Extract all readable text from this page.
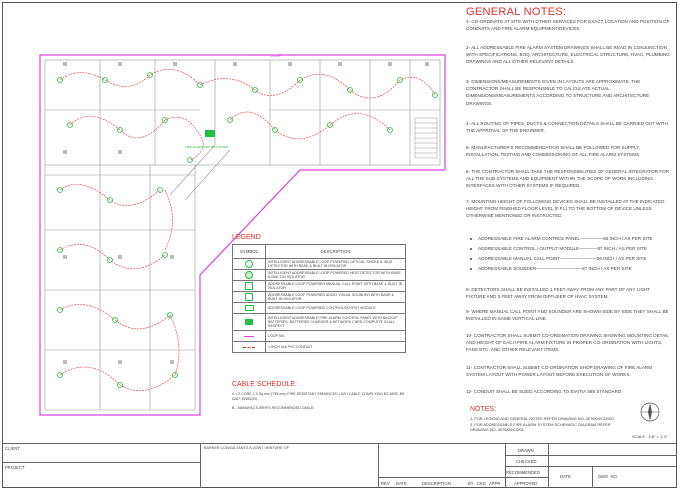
FIRE ALARM CONTROL PANEL
LOOP
GENERAL NOTES:
1- CO-ORDINATE AT SITE WITH OTHER SERVICES FOR EXACT LOCATION AND POSITION OF CONDUITS AND FIRE ALARM EQUIPMENT/DEVICES.
2- ALL ADDRESSABLE FIRE ALARM SYSTEM DRAWINGS SHALL BE READ IN CONJUNCTION WITH SPECIFICATIONS, BOQ, ARCHITECTURE, ELECTRICAL STRUCTURE, HVAC, PLUMBING DRAWINGS AND ALL OTHER RELEVANT DETAILS.
3- DIMENSIONS/MEASUREMENTS GIVEN IN LAYOUTS ARE APPROXIMATE. THE CONTRACTOR SHALL BE RESPONSIBLE TO CALCULATE ACTUAL DIMENSIONS/MEASUREMENTS ACCORDING TO STRUCTURE AND ARCHITECTURE DRAWINGS.
4- ALL ROUTING OF PIPES, DUCTS & CONNECTION DETAILS SHALL BE CARRIED OUT WITH THE APPROVAL OF THE ENGINEER.
5- MANUFACTURER'S RECOMMENDATION SHALL BE FOLLOWED FOR SUPPLY, INSTALLATION, TESTING AND COMMISSIONING OF ALL FIRE ALARM SYSTEMS.
6- THE CONTRACTOR SHALL TAKE THE RESPONSIBILITIES OF GENERAL INTEGRATOR FOR ALL THE SUB-SYSTEMS AND EQUIPMENT WITHIN THE SCOPE OF WORK INCLUDING INTERFACES WITH OTHER SYSTEMS IF REQUIRED.
7- MOUNTING HEIGHT OF FOLLOWING DEVICES SHALL BE INSTALLED AT THE INDICATED HEIGHT FROM FINISHED FLOOR LEVEL (F.F.L) TO THE BOTTOM OF DEVICE UNLESS OTHERWISE MENTIONED OR INSTRUCTED
ADDRESSABLE FIRE ALARM CONTROL PANEL—————56 INCH / AS PER SITE
ADDRESSABLE CONTROL / OUTPUT MODULE————87 INCH / AS PER SITE
ADDRESSABLE MANUAL CALL POINT————————56 INCH / AS PER SITE
ADDRESSABLE SOUNDER——————————87 INCH / AS PER SITE
8- DETECTORS SHALL BE INSTALLED 1 FEET AWAY FROM ANY PART OF ANY LIGHT FIXTURE AND 3 FEET AWAY FROM DIFFUSER OF HVAC SYSTEM.
9- WHERE MANUAL CALL POINT AND SOUNDER ARE SHOWN SIDE BY SIDE THEY SHALL BE INSTALLED IN SAME VERTICAL LINE.
10- CONTRACTOR SHALL SUBMIT CO-ORDINATION DRAWING SHOWING MOUNTING DETAIL AND HEIGHT OF EACH FIRE ALARM FIXTURE IN PROPER CO-ORDINATION WITH LIGHTS, FANS ETC. AND OTHER RELEVANT ITEMS.
11- CONTRACTOR SHALL SUBMIT CO-ORDINATION SHOP DRAWING OF FIRE ALARM SYSTEM LAYOUT WITH POWER LAYOUT BEFORE EXECUTION OF WORKS.
12- CONDUIT SHALL BE SIZED ACCORDING TO EIA/TIA 568 STANDARD.
NOTES:
1. FOR LEGEND AND GENERAL NOTES REFER DRAWING NO. 4076/04/CD/001
2. FOR ADDRESSABLE FIRE ALARM SYSTEM SCHEMATIC DIAGRAM REFER DRAWING NO. 4076/04/CD/01.
SCALE : 1/8" = 1'-0"
LEGEND
SYMBOL	DESCRIPTION
	INTELLIGENT ADDRESSABLE LOOP POWERED OPTICAL SMOKE & HEAT DETECTOR WITH BASE & BUILT-IN ISOLATOR.
	INTELLIGENT ADDRESSABLE LOOP POWERED HEAT DETECTOR WITH BASE & BUILT-IN ISOLATOR.
	ADDRESSABLE LOOP POWERED MANUAL CALL POINT WITH BASE & BUILT-IN ISOLATOR.
	ADDRESSABLE LOOP POWERED AUDIO VISUAL SOUNDER WITH BASE & BUILT-IN ISOLATOR.
	ADDRESSABLE LOOP POWERED CONTROL/OUTPUT MODULE
	INTELLIGENT ADDRESSABLE FIRE ALARM CONTROL PANEL WITH BACKUP BATTERIES, BATTERIES CHARGER & NETWORK CARD COMPLETE IN ALL RESPECT
	LOOP NO.
	1 INCH DIA PVC CONDUIT
CABLE SCHEDULE:
A = 2 CORE 1.5 Sq.mm (735 mm) FIRE RESISTANT ENHANCED LSZH CABLE COMPLYING BS 5839, BS 6387, EN50200.
B - MANUFACTURER'S RECOMMENDED CABLE.
CLIENT
PROJECT
BARKER CONSULTANTS A JOINT VENTURE OF
REV DATE	DESCRIPTION	BY CKD APPR
DRAWN
CHECKED
RECOMMENDED
APPROVED
DATE	DWG. NO.
